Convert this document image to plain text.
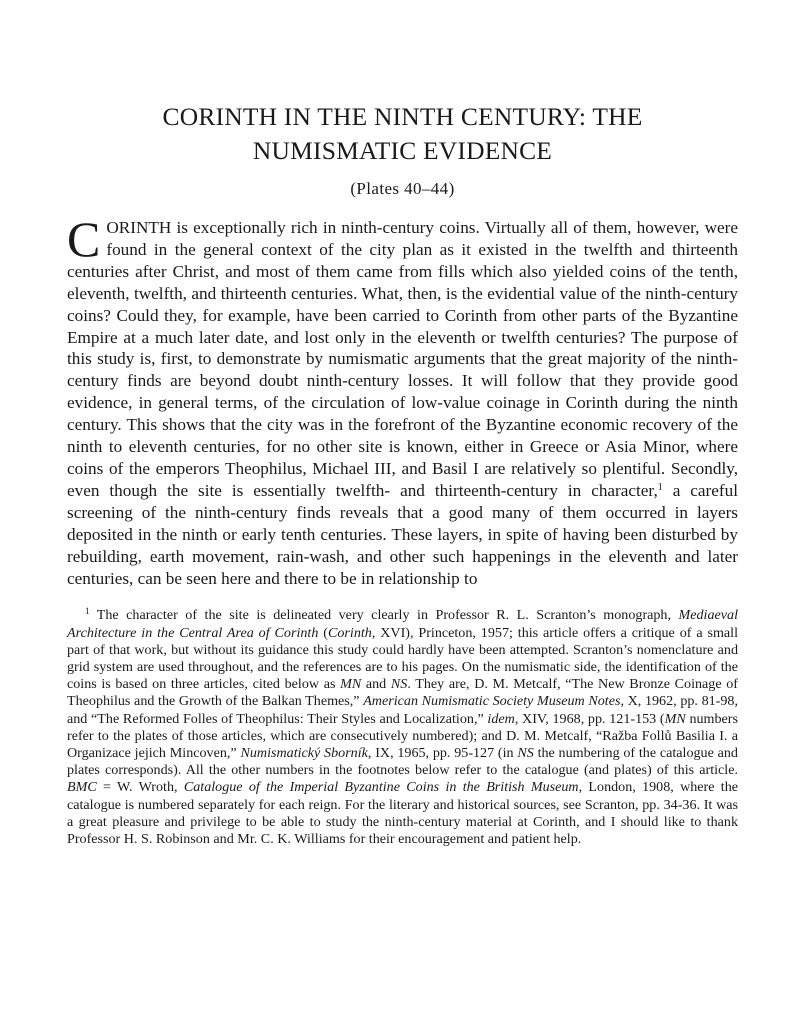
CORINTH IN THE NINTH CENTURY: THE
NUMISMATIC EVIDENCE
(Plates 40–44)

CORINTH is exceptionally rich in ninth-century coins. Virtually all of them, however, were found in the general context of the city plan as it existed in the twelfth and thirteenth centuries after Christ, and most of them came from fills which also yielded coins of the tenth, eleventh, twelfth, and thirteenth centuries. What, then, is the evidential value of the ninth-century coins? Could they, for example, have been carried to Corinth from other parts of the Byzantine Empire at a much later date, and lost only in the eleventh or twelfth centuries? The purpose of this study is, first, to demonstrate by numismatic arguments that the great majority of the ninth-century finds are beyond doubt ninth-century losses. It will follow that they provide good evidence, in general terms, of the circulation of low-value coinage in Corinth during the ninth century. This shows that the city was in the forefront of the Byzantine economic recovery of the ninth to eleventh centuries, for no other site is known, either in Greece or Asia Minor, where coins of the emperors Theophilus, Michael III, and Basil I are relatively so plentiful. Secondly, even though the site is essentially twelfth- and thirteenth-century in character,$^1$ a careful screening of the ninth-century finds reveals that a good many of them occurred in layers deposited in the ninth or early tenth centuries. These layers, in spite of having been disturbed by rebuilding, earth movement, rain-wash, and other such happenings in the eleventh and later centuries, can be seen here and there to be in relationship to

$^1$ The character of the site is delineated very clearly in Professor R. L. Scranton’s monograph, Mediaeval Architecture in the Central Area of Corinth (Corinth, XVI), Princeton, 1957; this article offers a critique of a small part of that work, but without its guidance this study could hardly have been attempted. Scranton’s nomenclature and grid system are used throughout, and the references are to his pages. On the numismatic side, the identification of the coins is based on three articles, cited below as MN and NS. They are, D. M. Metcalf, “The New Bronze Coinage of Theophilus and the Growth of the Balkan Themes,” American Numismatic Society Museum Notes, X, 1962, pp. 81-98, and “The Reformed Folles of Theophilus: Their Styles and Localization,” idem, XIV, 1968, pp. 121-153 (MN numbers refer to the plates of those articles, which are consecutively numbered); and D. M. Metcalf, “Ražba Follů Basilia I. a Organizace jejich Mincoven,” Numismatický Sborník, IX, 1965, pp. 95-127 (in NS the numbering of the catalogue and plates corresponds). All the other numbers in the footnotes below refer to the catalogue (and plates) of this article. BMC = W. Wroth, Catalogue of the Imperial Byzantine Coins in the British Museum, London, 1908, where the catalogue is numbered separately for each reign. For the literary and historical sources, see Scranton, pp. 34-36. It was a great pleasure and privilege to be able to study the ninth-century material at Corinth, and I should like to thank Professor H. S. Robinson and Mr. C. K. Williams for their encouragement and patient help.
